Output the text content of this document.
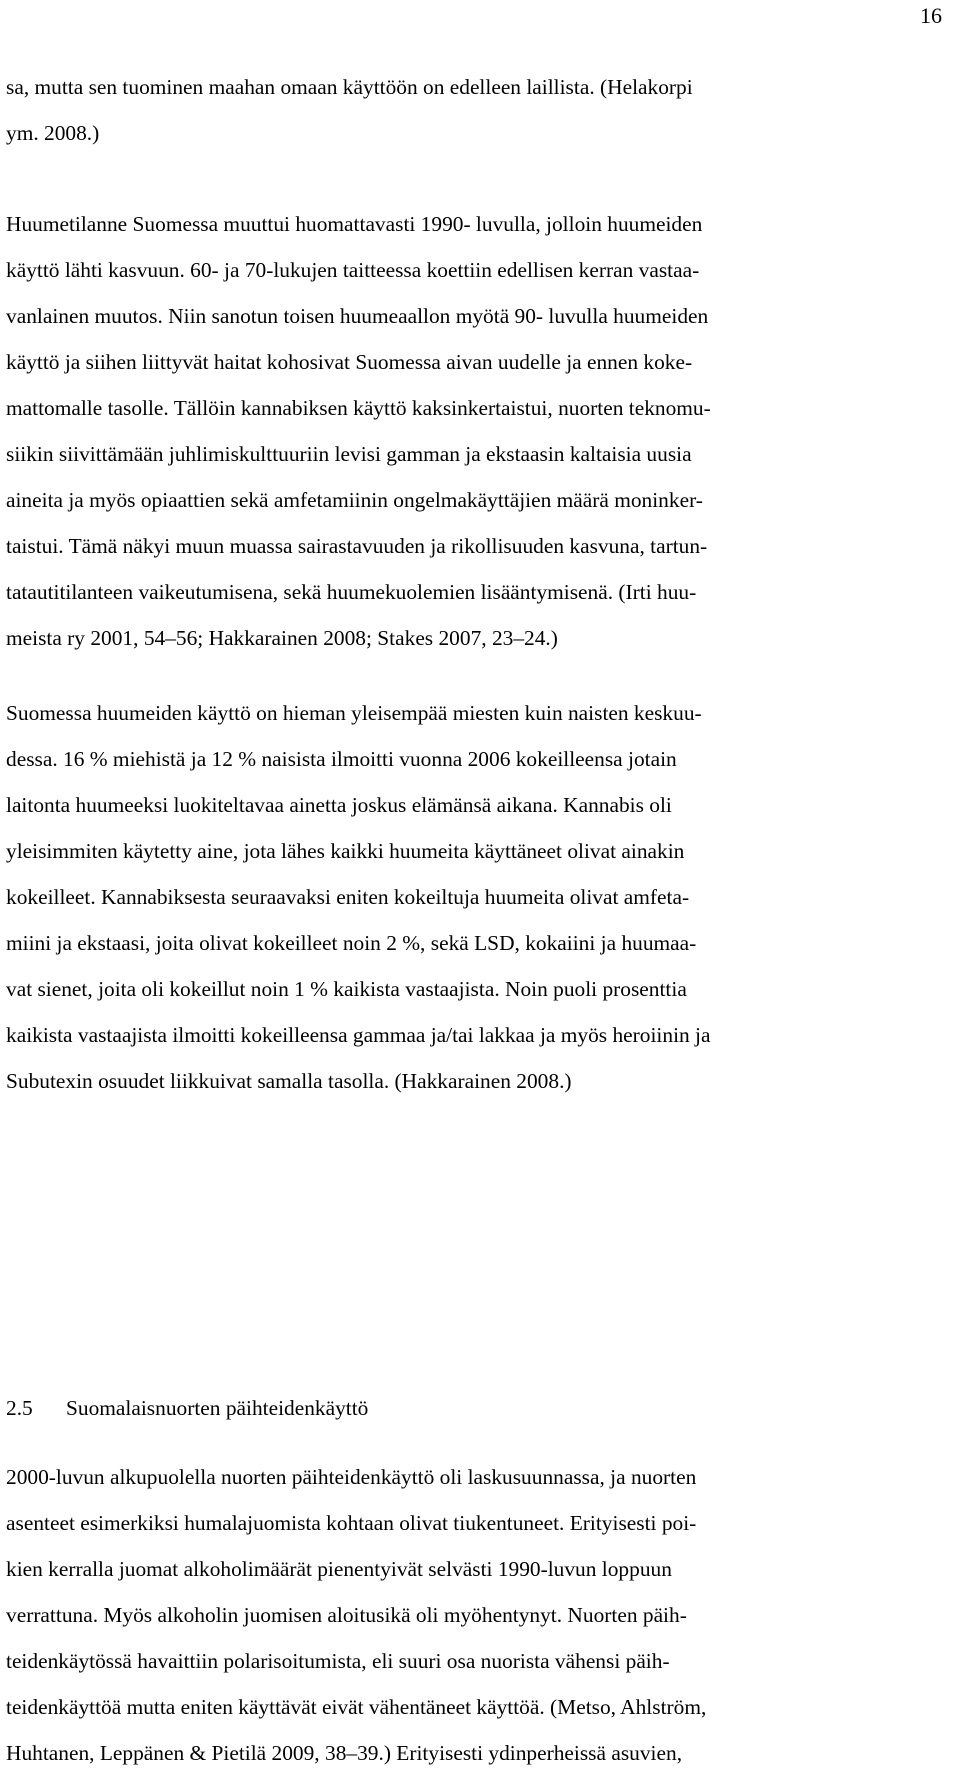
16
sa, mutta sen tuominen maahan omaan käyttöön on edelleen laillista. (Helakorpi
ym. 2008.)
Huumetilanne Suomessa muuttui huomattavasti 1990- luvulla, jolloin huumeiden
käyttö lähti kasvuun. 60- ja 70-lukujen taitteessa koettiin edellisen kerran vastaa-
vanlainen muutos. Niin sanotun toisen huumeaallon myötä 90- luvulla huumeiden
käyttö ja siihen liittyvät haitat kohosivat Suomessa aivan uudelle ja ennen koke-
mattomalle tasolle. Tällöin kannabiksen käyttö kaksinkertaistui, nuorten teknomu-
siikin siivittämään juhlimiskulttuuriin levisi gamman ja ekstaasin kaltaisia uusia
aineita ja myös opiaattien sekä amfetamiinin ongelmakäyttäjien määrä moninker-
taistui. Tämä näkyi muun muassa sairastavuuden ja rikollisuuden kasvuna, tartun-
tatautitilanteen vaikeutumisena, sekä huumekuolemien lisääntymisenä. (Irti huu-
meista ry 2001, 54–56; Hakkarainen 2008; Stakes 2007, 23–24.)
Suomessa huumeiden käyttö on hieman yleisempää miesten kuin naisten keskuu-
dessa. 16 % miehistä ja 12 % naisista ilmoitti vuonna 2006 kokeilleensa jotain
laitonta huumeeksi luokiteltavaa ainetta joskus elämänsä aikana. Kannabis oli
yleisimmiten käytetty aine, jota lähes kaikki huumeita käyttäneet olivat ainakin
kokeilleet. Kannabiksesta seuraavaksi eniten kokeiltuja huumeita olivat amfeta-
miini ja ekstaasi, joita olivat kokeilleet noin 2 %, sekä LSD, kokaiini ja huumaa-
vat sienet, joita oli kokeillut noin 1 % kaikista vastaajista. Noin puoli prosenttia
kaikista vastaajista ilmoitti kokeilleensa gammaa ja/tai lakkaa ja myös heroiinin ja
Subutexin osuudet liikkuivat samalla tasolla. (Hakkarainen 2008.)
2.5 Suomalaisnuorten päihteidenkäyttö
2000-luvun alkupuolella nuorten päihteidenkäyttö oli laskusuunnassa, ja nuorten
asenteet esimerkiksi humalajuomista kohtaan olivat tiukentuneet. Erityisesti poi-
kien kerralla juomat alkoholimäärät pienentyivät selvästi 1990-luvun loppuun
verrattuna. Myös alkoholin juomisen aloitusikä oli myöhentynyt. Nuorten päih-
teidenkäytössä havaittiin polarisoitumista, eli suuri osa nuorista vähensi päih-
teidenkäyttöä mutta eniten käyttävät eivät vähentäneet käyttöä. (Metso, Ahlström,
Huhtanen, Leppänen & Pietilä 2009, 38–39.) Erityisesti ydinperheissä asuvien,
